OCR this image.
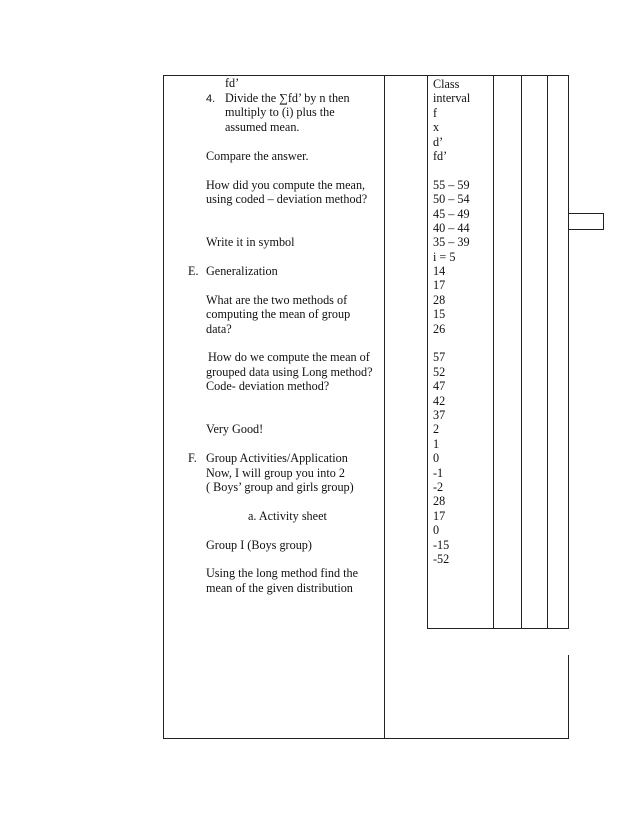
fd’
4. Divide the ∑fd’ by n then
multiply to (i) plus the
assumed mean.
Compare the answer.
How did you compute the mean,
using coded – deviation method?
Write it in symbol
E. Generalization
What are the two methods of
computing the mean of group
data?
How do we compute the mean of
grouped data using Long method?
Code- deviation method?
Very Good!
F. Group Activities/Application
Now, I will group you into 2
( Boys’ group and girls group)
a. Activity sheet
Group I (Boys group)
Using the long method find the
mean of the given distribution
Class
interval
f
x
d’
fd’
55 – 59
50 – 54
45 – 49
40 – 44
35 – 39
i = 5
14
17
28
15
26
57
52
47
42
37
2
1
0
-1
-2
28
17
0
-15
-52
